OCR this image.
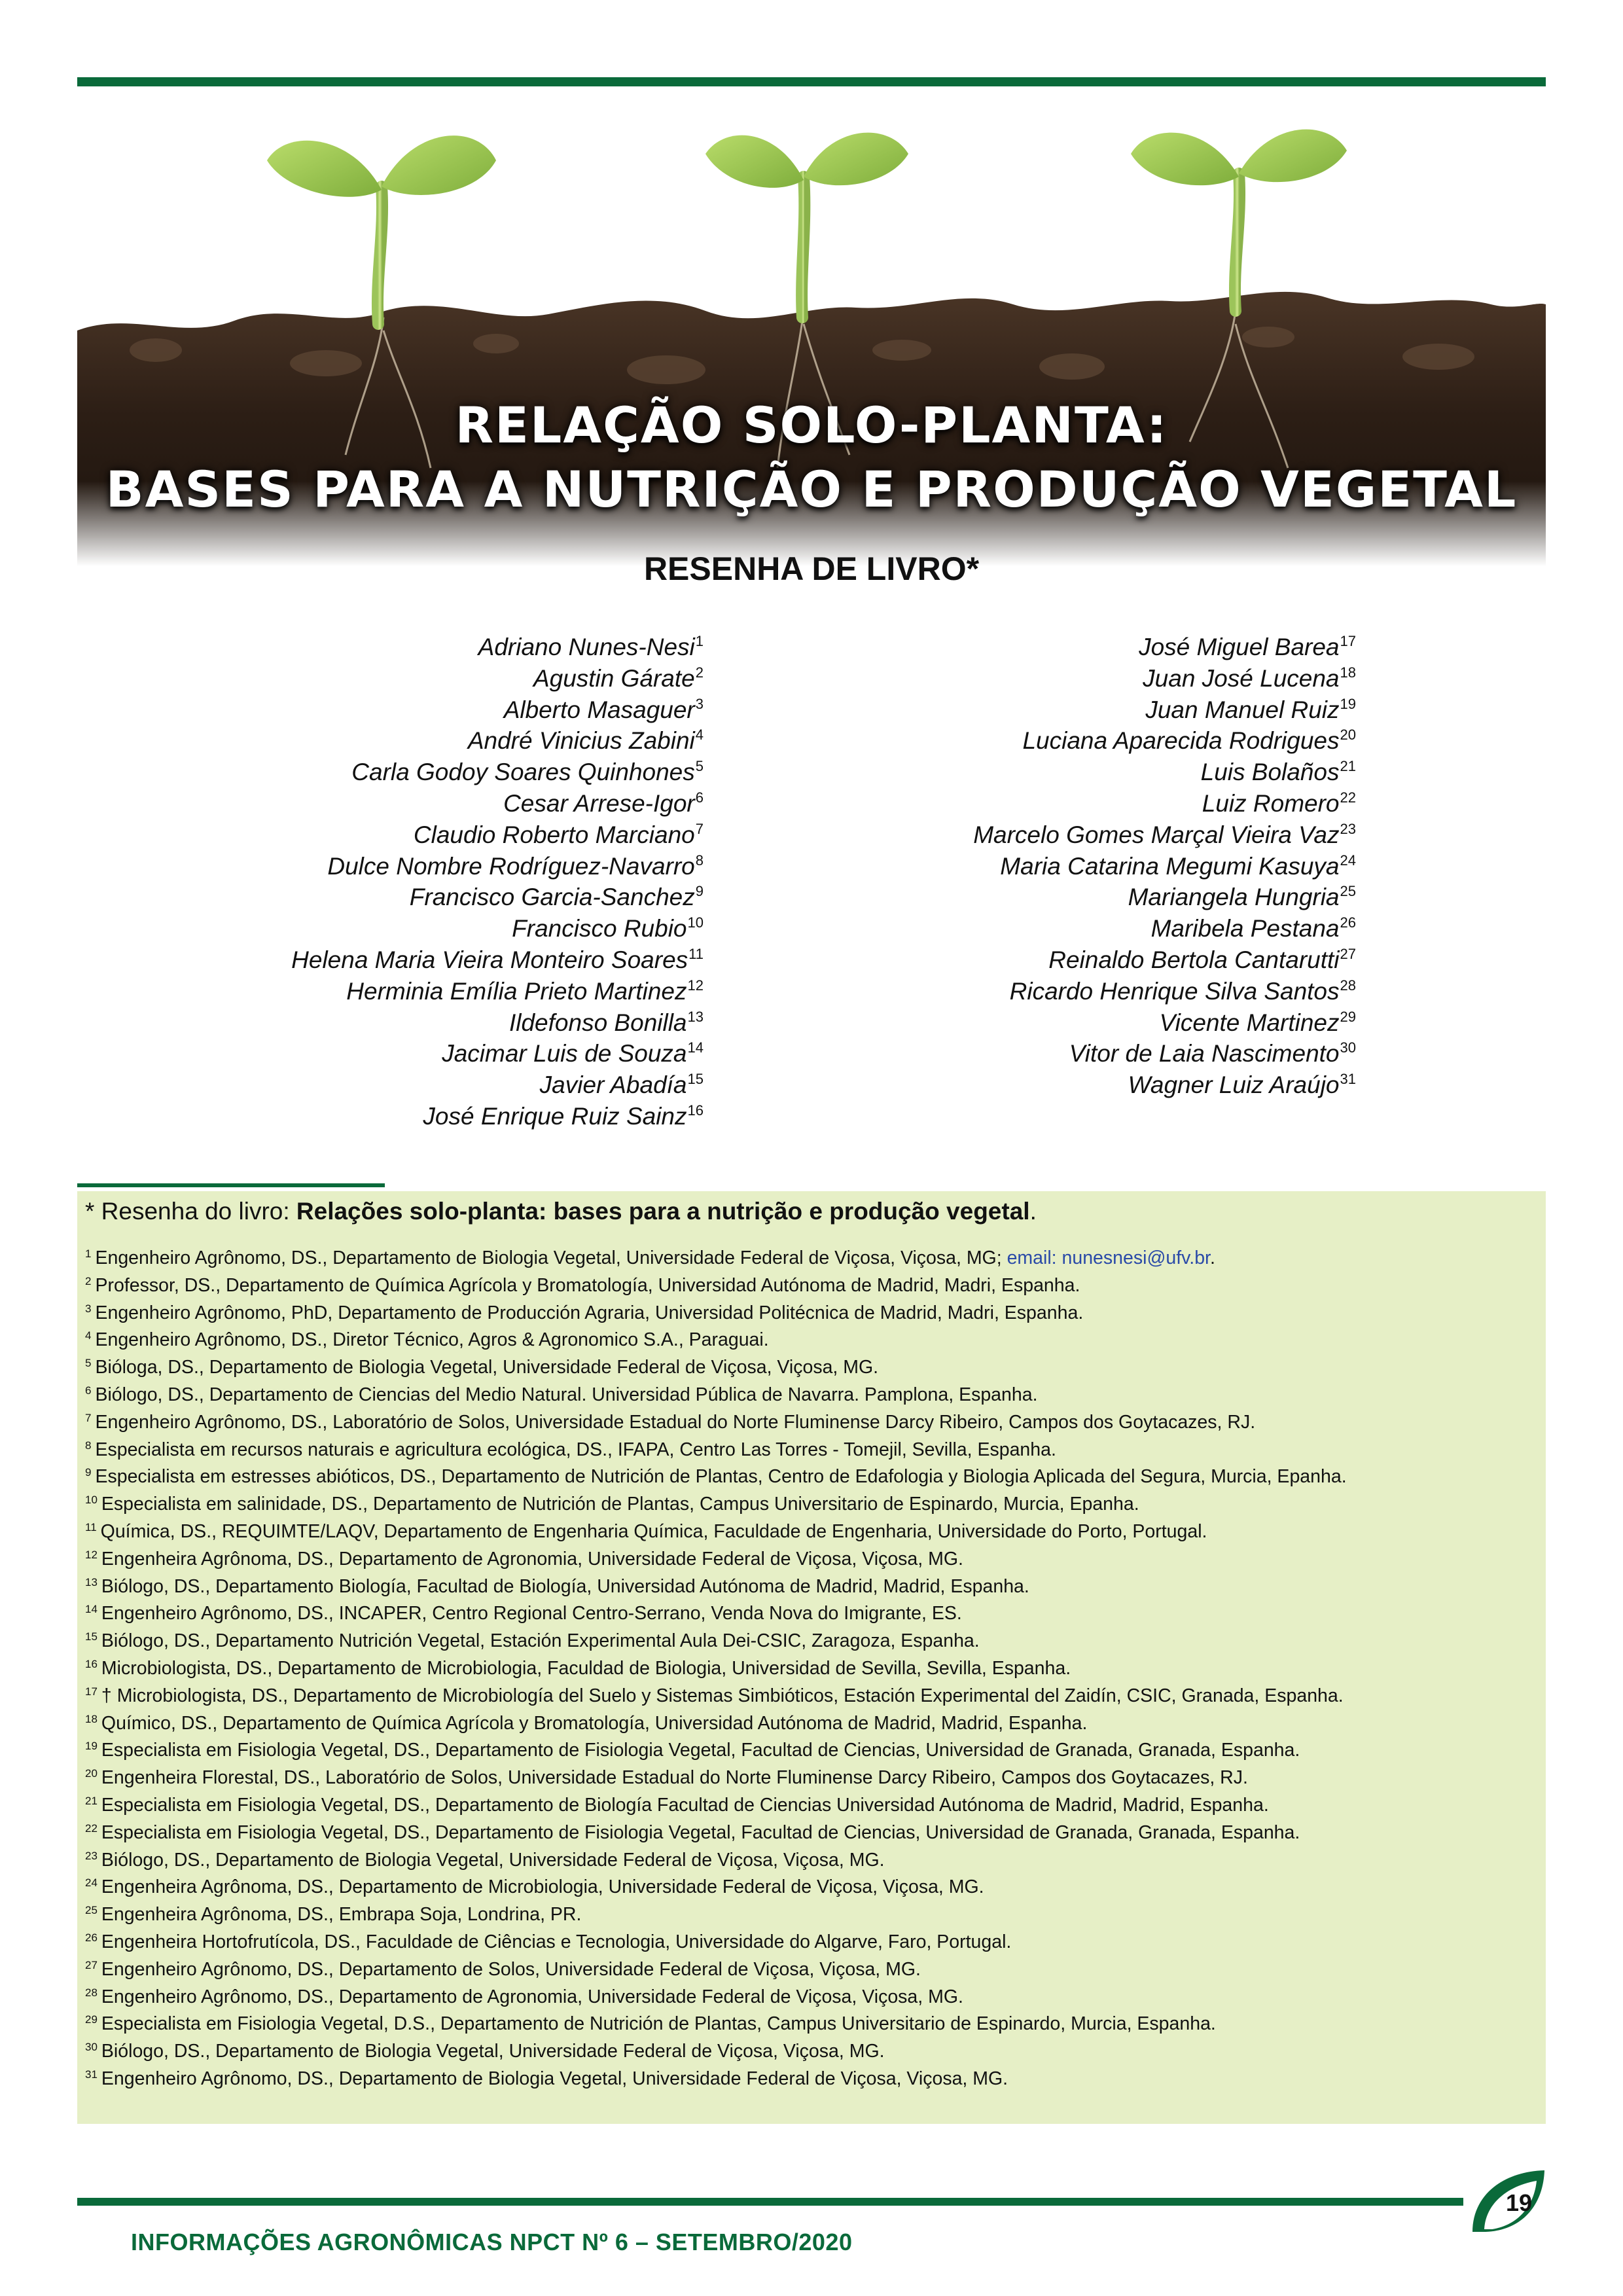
RELAÇÃO SOLO-PLANTA:
BASES PARA A NUTRIÇÃO E PRODUÇÃO VEGETAL
RESENHA DE LIVRO*
Adriano Nunes-Nesi$^1$
Agustin Gárate$^2$
Alberto Masaguer$^3$
André Vinicius Zabini$^4$
Carla Godoy Soares Quinhones$^5$
Cesar Arrese-Igor$^6$
Claudio Roberto Marciano$^7$
Dulce Nombre Rodríguez-Navarro$^8$
Francisco Garcia-Sanchez$^9$
Francisco Rubio$^{10}$
Helena Maria Vieira Monteiro Soares$^{11}$
Herminia Emília Prieto Martinez$^{12}$
Ildefonso Bonilla$^{13}$
Jacimar Luis de Souza$^{14}$
Javier Abadía$^{15}$
José Enrique Ruiz Sainz$^{16}$
José Miguel Barea$^{17}$
Juan José Lucena$^{18}$
Juan Manuel Ruiz$^{19}$
Luciana Aparecida Rodrigues$^{20}$
Luis Bolaños$^{21}$
Luiz Romero$^{22}$
Marcelo Gomes Marçal Vieira Vaz$^{23}$
Maria Catarina Megumi Kasuya$^{24}$
Mariangela Hungria$^{25}$
Maribela Pestana$^{26}$
Reinaldo Bertola Cantarutti$^{27}$
Ricardo Henrique Silva Santos$^{28}$
Vicente Martinez$^{29}$
Vitor de Laia Nascimento$^{30}$
Wagner Luiz Araújo$^{31}$
* Resenha do livro: Relações solo-planta: bases para a nutrição e produção vegetal.
$^1$ Engenheiro Agrônomo, DS., Departamento de Biologia Vegetal, Universidade Federal de Viçosa, Viçosa, MG; email: nunesnesi@ufv.br.
$^2$ Professor, DS., Departamento de Química Agrícola y Bromatología, Universidad Autónoma de Madrid, Madri, Espanha.
$^3$ Engenheiro Agrônomo, PhD, Departamento de Producción Agraria, Universidad Politécnica de Madrid, Madri, Espanha.
$^4$ Engenheiro Agrônomo, DS., Diretor Técnico, Agros & Agronomico S.A., Paraguai.
$^5$ Bióloga, DS., Departamento de Biologia Vegetal, Universidade Federal de Viçosa, Viçosa, MG.
$^6$ Biólogo, DS., Departamento de Ciencias del Medio Natural. Universidad Pública de Navarra. Pamplona, Espanha.
$^7$ Engenheiro Agrônomo, DS., Laboratório de Solos, Universidade Estadual do Norte Fluminense Darcy Ribeiro, Campos dos Goytacazes, RJ.
$^8$ Especialista em recursos naturais e agricultura ecológica, DS., IFAPA, Centro Las Torres - Tomejil, Sevilla, Espanha.
$^9$ Especialista em estresses abióticos, DS., Departamento de Nutrición de Plantas, Centro de Edafologia y Biologia Aplicada del Segura, Murcia, Epanha.
$^{10}$ Especialista em salinidade, DS., Departamento de Nutrición de Plantas, Campus Universitario de Espinardo, Murcia, Epanha.
$^{11}$ Química, DS., REQUIMTE/LAQV, Departamento de Engenharia Química, Faculdade de Engenharia, Universidade do Porto, Portugal.
$^{12}$ Engenheira Agrônoma, DS., Departamento de Agronomia, Universidade Federal de Viçosa, Viçosa, MG.
$^{13}$ Biólogo, DS., Departamento Biología, Facultad de Biología, Universidad Autónoma de Madrid, Madrid, Espanha.
$^{14}$ Engenheiro Agrônomo, DS., INCAPER, Centro Regional Centro-Serrano, Venda Nova do Imigrante, ES.
$^{15}$ Biólogo, DS., Departamento Nutrición Vegetal, Estación Experimental Aula Dei-CSIC, Zaragoza, Espanha.
$^{16}$ Microbiologista, DS., Departamento de Microbiologia, Faculdad de Biologia, Universidad de Sevilla, Sevilla, Espanha.
$^{17}$ † Microbiologista, DS., Departamento de Microbiología del Suelo y Sistemas Simbióticos, Estación Experimental del Zaidín, CSIC, Granada, Espanha.
$^{18}$ Químico, DS., Departamento de Química Agrícola y Bromatología, Universidad Autónoma de Madrid, Madrid, Espanha.
$^{19}$ Especialista em Fisiologia Vegetal, DS., Departamento de Fisiologia Vegetal, Facultad de Ciencias, Universidad de Granada, Granada, Espanha.
$^{20}$ Engenheira Florestal, DS., Laboratório de Solos, Universidade Estadual do Norte Fluminense Darcy Ribeiro, Campos dos Goytacazes, RJ.
$^{21}$ Especialista em Fisiologia Vegetal, DS., Departamento de Biología Facultad de Ciencias Universidad Autónoma de Madrid, Madrid, Espanha.
$^{22}$ Especialista em Fisiologia Vegetal, DS., Departamento de Fisiologia Vegetal, Facultad de Ciencias, Universidad de Granada, Granada, Espanha.
$^{23}$ Biólogo, DS., Departamento de Biologia Vegetal, Universidade Federal de Viçosa, Viçosa, MG.
$^{24}$ Engenheira Agrônoma, DS., Departamento de Microbiologia, Universidade Federal de Viçosa, Viçosa, MG.
$^{25}$ Engenheira Agrônoma, DS., Embrapa Soja, Londrina, PR.
$^{26}$ Engenheira Hortofrutícola, DS., Faculdade de Ciências e Tecnologia, Universidade do Algarve, Faro, Portugal.
$^{27}$ Engenheiro Agrônomo, DS., Departamento de Solos, Universidade Federal de Viçosa, Viçosa, MG.
$^{28}$ Engenheiro Agrônomo, DS., Departamento de Agronomia, Universidade Federal de Viçosa, Viçosa, MG.
$^{29}$ Especialista em Fisiologia Vegetal, D.S., Departamento de Nutrición de Plantas, Campus Universitario de Espinardo, Murcia, Espanha.
$^{30}$ Biólogo, DS., Departamento de Biologia Vegetal, Universidade Federal de Viçosa, Viçosa, MG.
$^{31}$ Engenheiro Agrônomo, DS., Departamento de Biologia Vegetal, Universidade Federal de Viçosa, Viçosa, MG.
19
INFORMAÇÕES AGRONÔMICAS NPCT Nº 6 – SETEMBRO/2020
